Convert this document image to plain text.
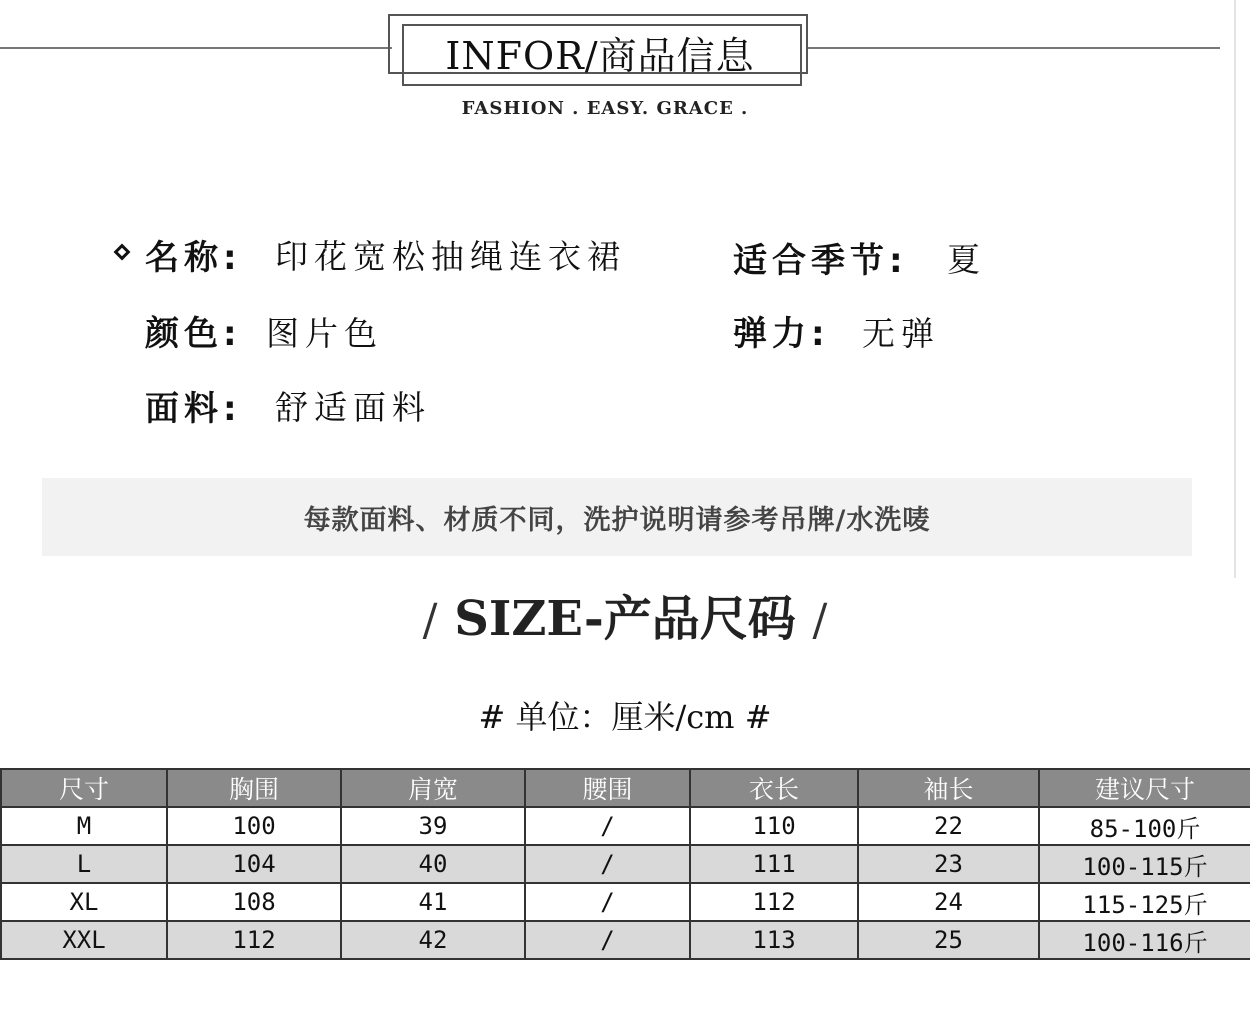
INFOR/商品信息
FASHION . EASY. GRACE .
名称: 印花宽松抽绳连衣裙	适合季节: 夏
颜色: 图片色	弹力: 无弹
面料: 舒适面料
每款面料、材质不同，洗护说明请参考吊牌/水洗唛
/ SIZE-产品尺码 /
# 单位：厘米/cm #
尺寸	胸围	肩宽	腰围	衣长	袖长	建议尺寸
M	100	39	/	110	22	85-100斤
L	104	40	/	111	23	100-115斤
XL	108	41	/	112	24	115-125斤
XXL	112	42	/	113	25	100-116斤
